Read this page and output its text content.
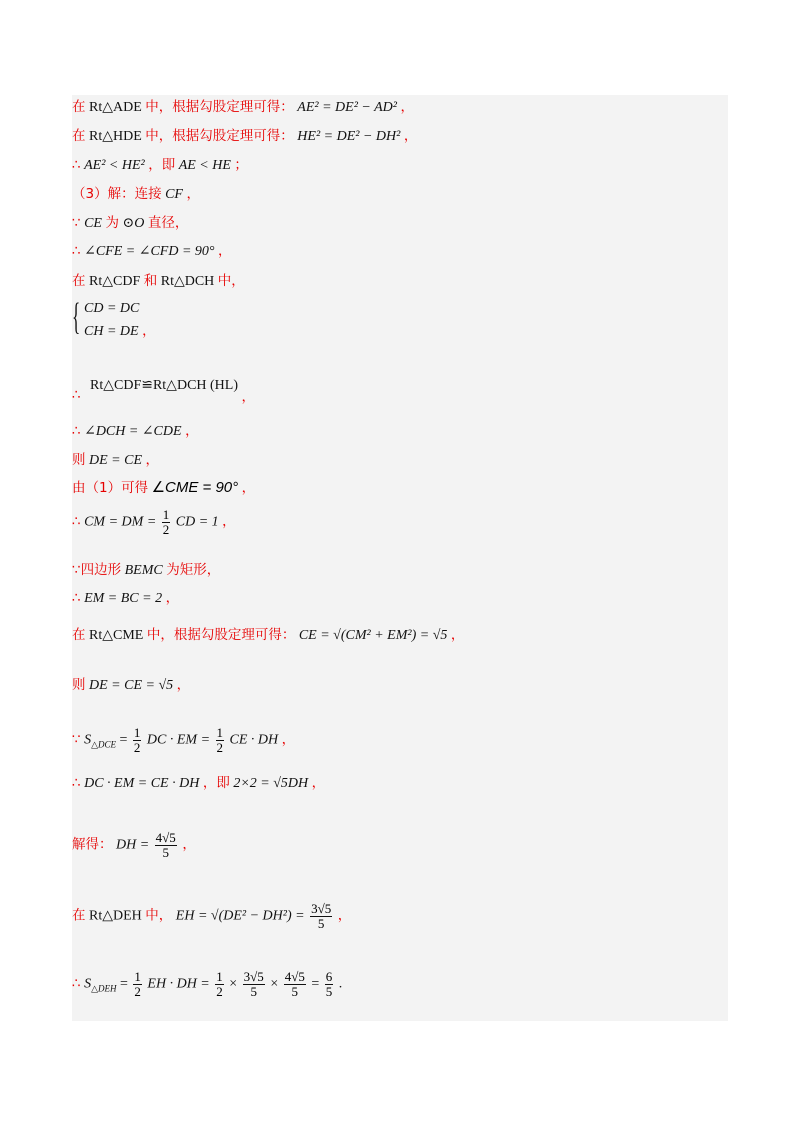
在 Rt△ADE 中，根据勾股定理可得： AE² = DE² − AD² ，
在 Rt△HDE 中，根据勾股定理可得： HE² = DE² − DH² ，
∴ AE² < HE² ，即 AE < HE ；
（3）解：连接 CF ，
∵ CE 为 ⊙O 直径，
∴ ∠CFE = ∠CFD = 90° ，
在 Rt△CDF 和 Rt△DCH 中，
{ CD = DC
CH = DE ，
Rt△CDF≌Rt△DCH (HL) ，
∴
∴ ∠DCH = ∠CDE ，
则 DE = CE ，
由（1）可得 ∠CME = 90° ，
∴ CM = DM = $\frac{1}{2}$ CD = 1 ，
∵四边形 BEMC 为矩形，
∴ EM = BC = 2 ，
在 Rt△CME 中，根据勾股定理可得： CE = √(CM² + EM²) = √5 ，
则 DE = CE = √5 ，
∵ $S_{\triangle DCE} = \frac{1}{2}$ DC · EM = $\frac{1}{2}$ CE · DH ，
∴ DC · EM = CE · DH ，即 2×2 = √5DH ，
解得： DH = $\frac{4√5}{5}$ ，
在 Rt△DEH 中， EH = $√(DE^2 - DH^2) = \frac{3√5}{5}$ ，
∴ $S_{\triangle DEH} = \frac{1}{2}$ EH · DH = $\frac{1}{2} \times \frac{3√5}{5} \times \frac{4√5}{5} = \frac{6}{5}$ .
